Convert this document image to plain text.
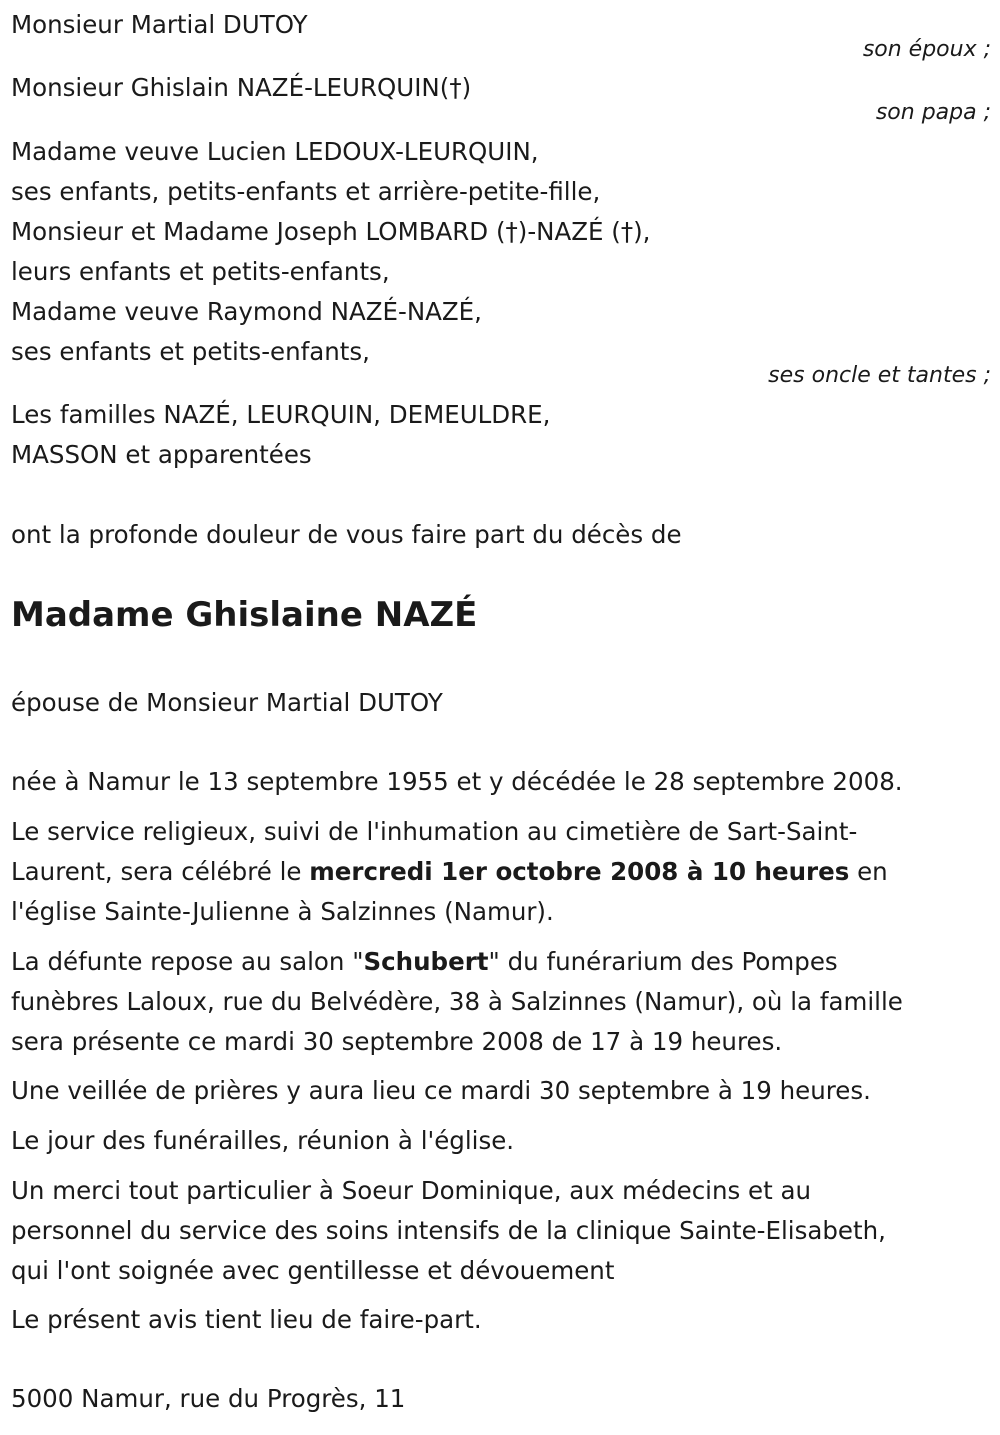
Monsieur Martial DUTOY
son époux ;
Monsieur Ghislain NAZÉ-LEURQUIN(†)
son papa ;
Madame veuve Lucien LEDOUX-LEURQUIN,
ses enfants, petits-enfants et arrière-petite-fille,
Monsieur et Madame Joseph LOMBARD (†)-NAZÉ (†),
leurs enfants et petits-enfants,
Madame veuve Raymond NAZÉ-NAZÉ,
ses enfants et petits-enfants,
ses oncle et tantes ;
Les familles NAZÉ, LEURQUIN, DEMEULDRE,
MASSON et apparentées
ont la profonde douleur de vous faire part du décès de
Madame Ghislaine NAZÉ
épouse de Monsieur Martial DUTOY
née à Namur le 13 septembre 1955 et y décédée le 28 septembre 2008.
Le service religieux, suivi de l'inhumation au cimetière de Sart-Saint-
Laurent, sera célébré le mercredi 1er octobre 2008 à 10 heures en
l'église Sainte-Julienne à Salzinnes (Namur).
La défunte repose au salon "Schubert" du funérarium des Pompes
funèbres Laloux, rue du Belvédère, 38 à Salzinnes (Namur), où la famille
sera présente ce mardi 30 septembre 2008 de 17 à 19 heures.
Une veillée de prières y aura lieu ce mardi 30 septembre à 19 heures.
Le jour des funérailles, réunion à l'église.
Un merci tout particulier à Soeur Dominique, aux médecins et au
personnel du service des soins intensifs de la clinique Sainte-Elisabeth,
qui l'ont soignée avec gentillesse et dévouement
Le présent avis tient lieu de faire-part.
5000 Namur, rue du Progrès, 11
